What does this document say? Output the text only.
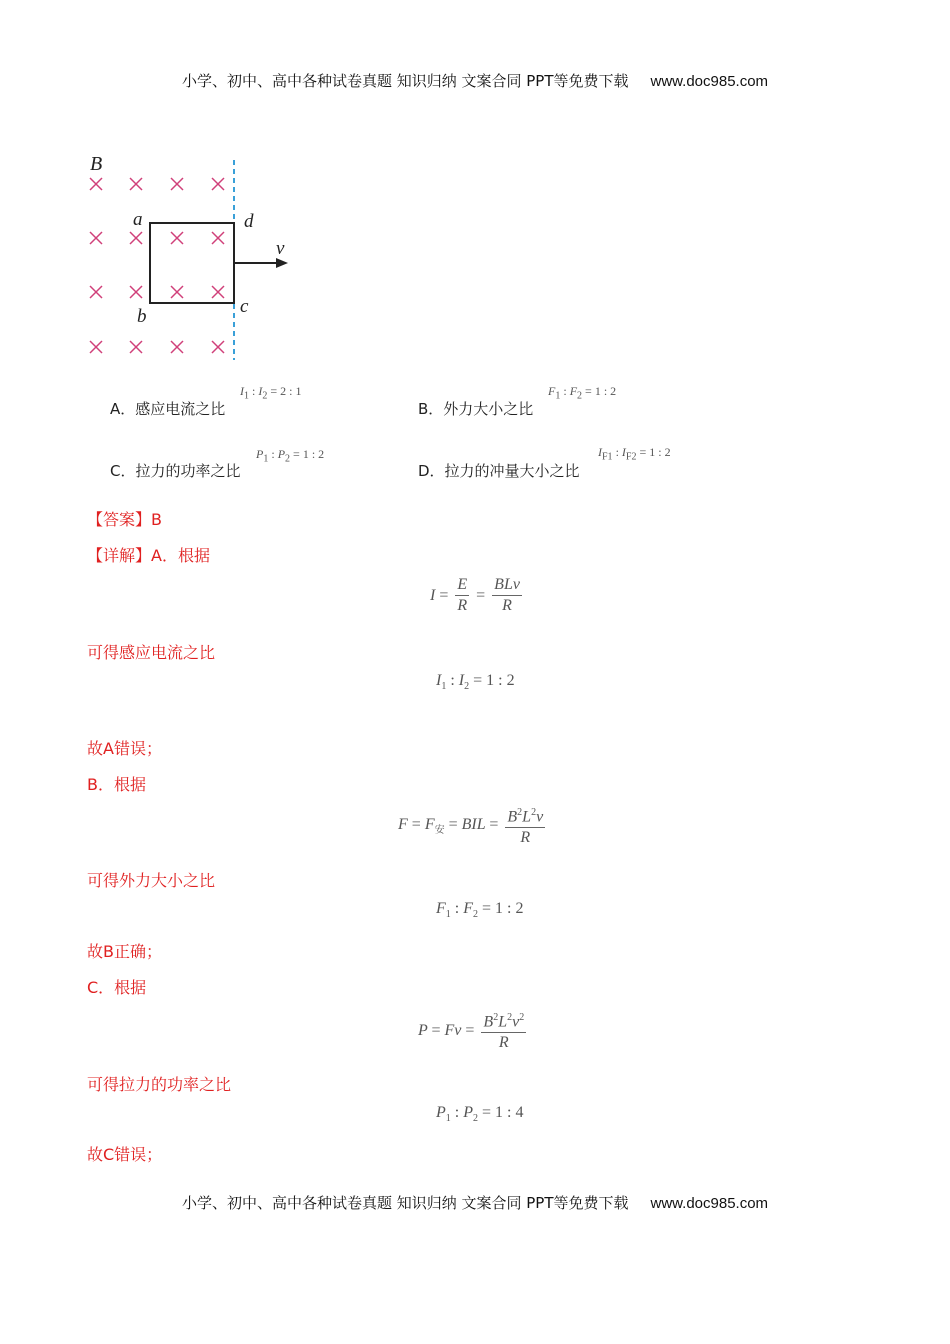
小学、初中、高中各种试卷真题 知识归纳 文案合同 PPT等免费下载 www.doc985.com
B
a
b	c
d
v
A．感应电流之比
$I_1$ : $I_2 = 2$ : 1
B．外力大小之比
$F_1$ : $F_2 = 1$ : 2
C．拉力的功率之比
$P_1$ : $P_2 = 1$ : 2
D．拉力的冲量大小之比
$I_{F1}$ : $I_{F2} = 1$ : 2
【答案】B
【详解】A．根据
$I = \frac{E}{R} = \frac{\text{BLv}}{R}$
可得感应电流之比
$I_1$ : $I_2 = 1$ : 2
故A错误；
B．根据
$F = F_安$ = BIL = $\frac{B^2L^2v}{R}$
可得外力大小之比
$F_1$ : $F_2 = 1$ : 2
故B正确；
C．根据
$P = Fv = \frac{B^2L^2v^2}{R}$
可得拉力的功率之比
$P_1$ : $P_2 = 1$ : 4
故C错误；
小学、初中、高中各种试卷真题 知识归纳 文案合同 PPT等免费下载 www.doc985.com
